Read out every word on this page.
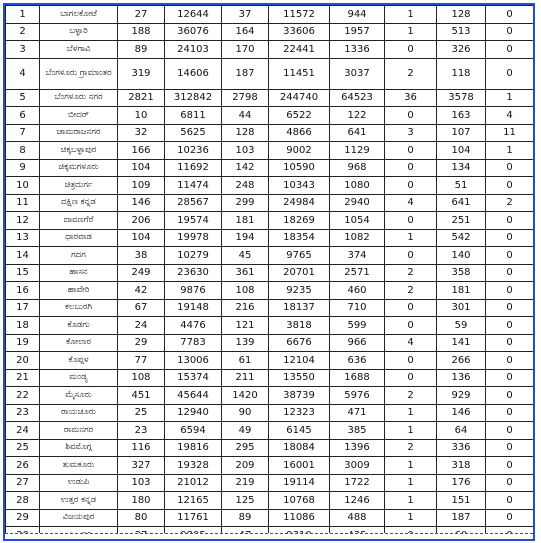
1	ಬಾಗಲಕೋಟೆ	27	12644	37	11572	944	1	128	0
2	ಬಳ್ಳಾರಿ	188	36076	164	33606	1957	1	513	0
3	ಬೆಳಗಾವಿ	89	24103	170	22441	1336	0	326	0
4	ಬೆಂಗಳೂರು ಗ್ರಾಮಾಂತರ	319	14606	187	11451	3037	2	118	0
5	ಬೆಂಗಳೂರು ನಗರ	2821	312842	2798	244740	64523	36	3578	1
6	ಬೀದರ್	10	6811	44	6522	122	0	163	4
7	ಚಾಮರಾಜನಗರ	32	5625	128	4866	641	3	107	11
8	ಚಿಕ್ಕಬಳ್ಳಾಪುರ	166	10236	103	9002	1129	0	104	1
9	ಚಿಕ್ಕಮಗಳೂರು	104	11692	142	10590	968	0	134	0
10	ಚಿತ್ರದುರ್ಗ	109	11474	248	10343	1080	0	51	0
11	ದಕ್ಷಿಣ ಕನ್ನಡ	146	28567	299	24984	2940	4	641	2
12	ದಾವಣಗೆರೆ	206	19574	181	18269	1054	0	251	0
13	ಧಾರವಾಡ	104	19978	194	18354	1082	1	542	0
14	ಗದಗ	38	10279	45	9765	374	0	140	0
15	ಹಾಸನ	249	23630	361	20701	2571	2	358	0
16	ಹಾವೇರಿ	42	9876	108	9235	460	2	181	0
17	ಕಲಬುರಗಿ	67	19148	216	18137	710	0	301	0
18	ಕೊಡಗು	24	4476	121	3818	599	0	59	0
19	ಕೋಲಾರ	29	7783	139	6676	966	4	141	0
20	ಕೊಪ್ಪಳ	77	13006	61	12104	636	0	266	0
21	ಮಂಡ್ಯ	108	15374	211	13550	1688	0	136	0
22	ಮೈಸೂರು	451	45644	1420	38739	5976	2	929	0
23	ರಾಯಚೂರು	25	12940	90	12323	471	1	146	0
24	ರಾಮನಗರ	23	6594	49	6145	385	1	64	0
25	ಶಿವಮೊಗ್ಗ	116	19816	295	18084	1396	2	336	0
26	ತುಮಕೂರು	327	19328	209	16001	3009	1	318	0
27	ಉಡುಪಿ	103	21012	219	19114	1722	1	176	0
28	ಉತ್ತರ ಕನ್ನಡ	180	12165	125	10768	1246	1	151	0
29	ವಿಜಯಪುರ	80	11761	89	11086	488	1	187	0
